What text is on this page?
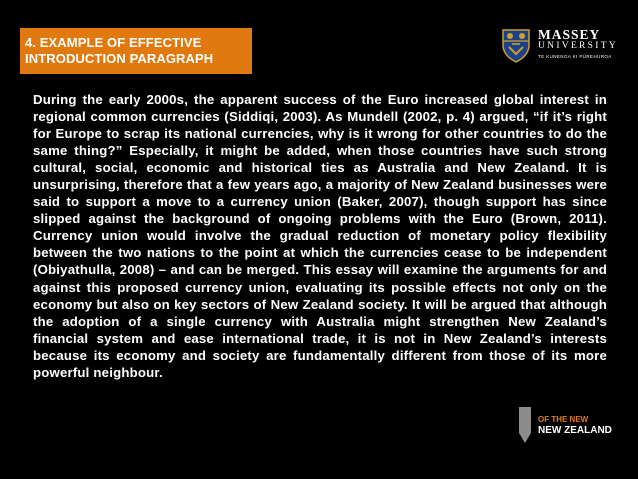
4. EXAMPLE OF EFFECTIVE
INTRODUCTION PARAGRAPH
MASSEY
UNIVERSITY
TE KUNENGA KI PŪREHUROA

During the early 2000s, the apparent success of the Euro increased global interest in regional common currencies (Siddiqi, 2003). As Mundell (2002, p. 4) argued, “if it’s right for Europe to scrap its national currencies, why is it wrong for other countries to do the same thing?” Especially, it might be added, when those countries have such strong cultural, social, economic and historical ties as Australia and New Zealand. It is unsurprising, therefore that a few years ago, a majority of New Zealand businesses were said to support a move to a currency union (Baker, 2007), though support has since slipped against the background of ongoing problems with the Euro (Brown, 2011). Currency union would involve the gradual reduction of monetary policy flexibility between the two nations to the point at which the currencies cease to be independent (Obiyathulla, 2008) – and can be merged. This essay will examine the arguments for and against this proposed currency union, evaluating its possible effects not only on the economy but also on key sectors of New Zealand society. It will be argued that although the adoption of a single currency with Australia might strengthen New Zealand’s financial system and ease international trade, it is not in New Zealand’s interests because its economy and society are fundamentally different from those of its more powerful neighbour.

OF THE NEW
NEW ZEALAND
